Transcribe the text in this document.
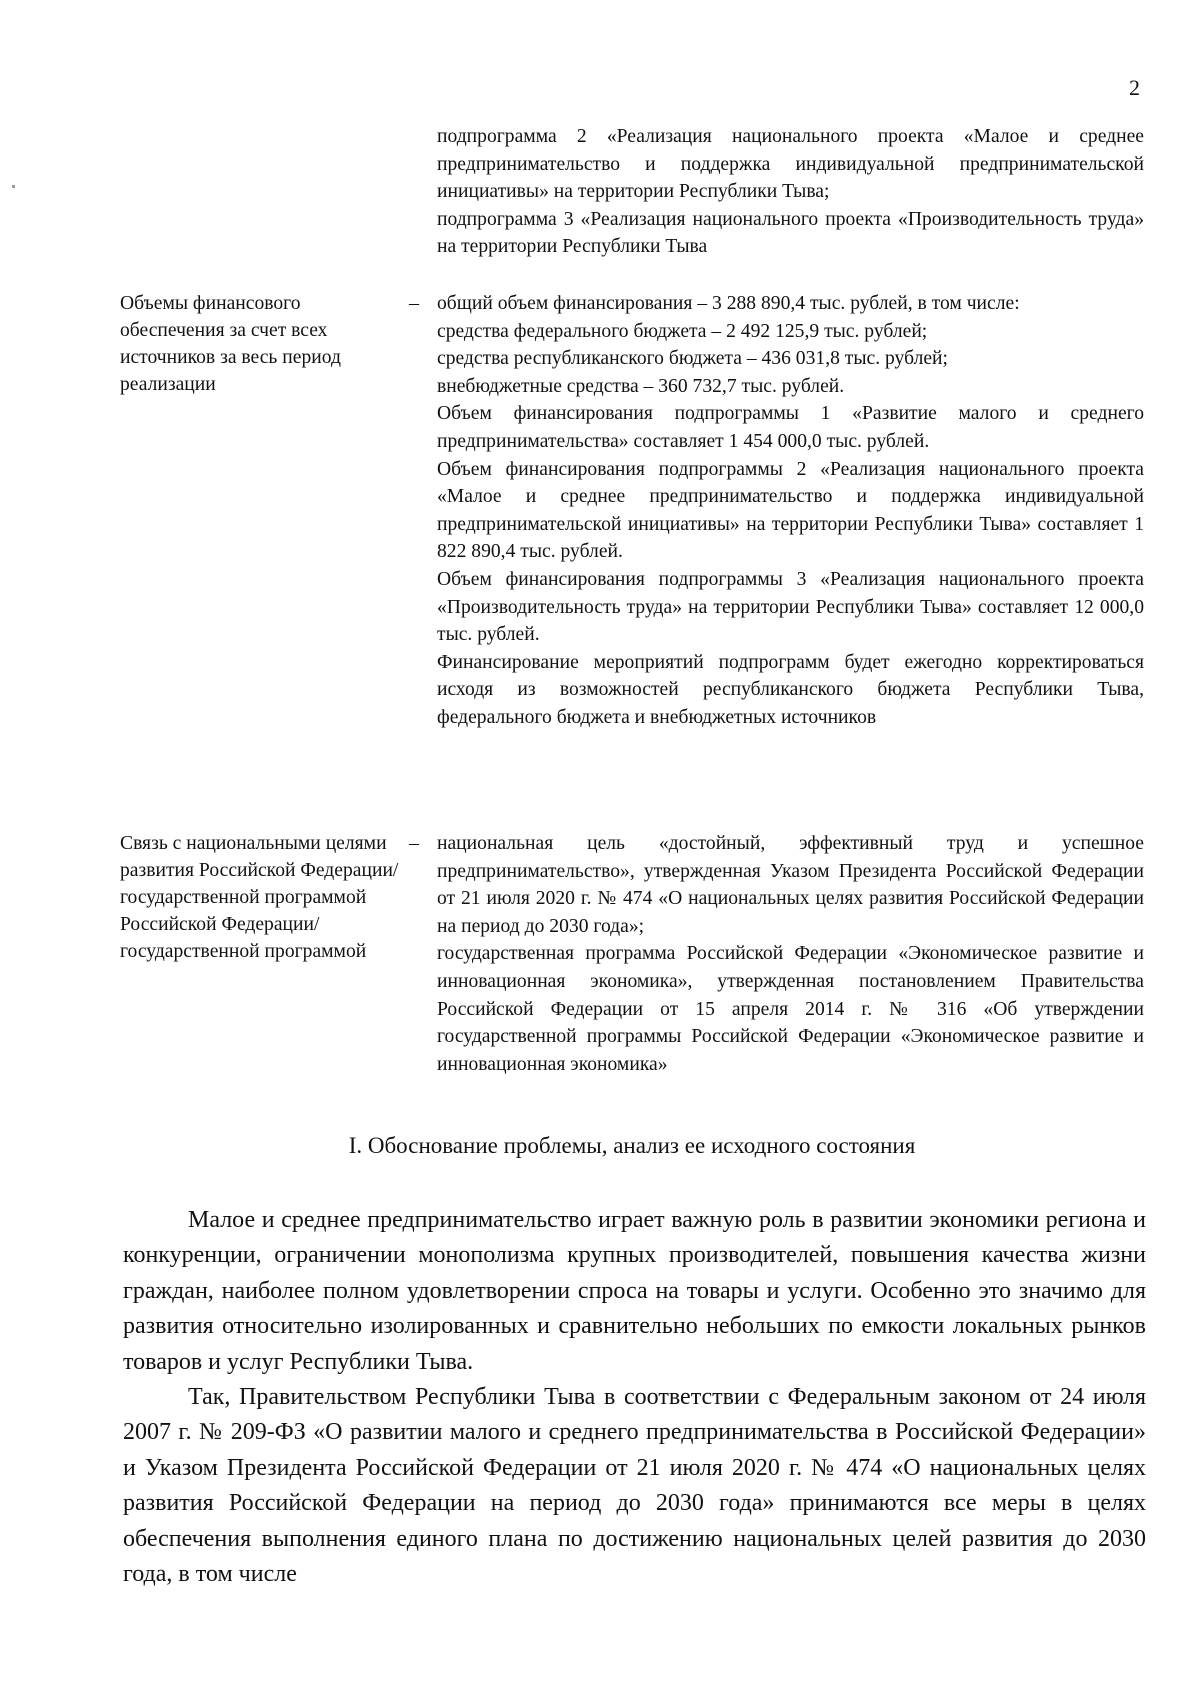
2

подпрограмма 2 «Реализация национального проекта «Малое и среднее предпринимательство и поддержка индивидуальной предпринимательской инициативы» на территории Республики Тыва;

подпрограмма 3 «Реализация национального проекта «Производительность труда» на территории Республики Тыва

Объемы финансового обеспечения за счет всех источников за весь период реализации
– общий объем финансирования – 3 288 890,4 тыс. рублей, в том числе:

средства федерального бюджета – 2 492 125,9 тыс. рублей;

средства республиканского бюджета – 436 031,8 тыс. рублей;

внебюджетные средства – 360 732,7 тыс. рублей.

Объем финансирования подпрограммы 1 «Развитие малого и среднего предпринимательства» составляет 1 454 000,0 тыс. рублей.

Объем финансирования подпрограммы 2 «Реализация национального проекта «Малое и среднее предпринимательство и поддержка индивидуальной предпринимательской инициативы» на территории Республики Тыва» составляет 1 822 890,4 тыс. рублей.

Объем финансирования подпрограммы 3 «Реализация национального проекта «Производительность труда» на территории Республики Тыва» составляет 12 000,0 тыс. рублей.

Финансирование мероприятий подпрограмм будет ежегодно корректироваться исходя из возможностей республиканского бюджета Республики Тыва, федерального бюджета и внебюджетных источников

Связь с национальными целями развития Российской Федерации/ государственной программой Российской Федерации/ государственной программой
– национальная цель «достойный, эффективный труд и успешное предпринимательство», утвержденная Указом Президента Российской Федерации от 21 июля 2020 г. № 474 «О национальных целях развития Российской Федерации на период до 2030 года»;

государственная программа Российской Федерации «Экономическое развитие и инновационная экономика», утвержденная постановлением Правительства Российской Федерации от 15 апреля 2014 г. № 316 «Об утверждении государственной программы Российской Федерации «Экономическое развитие и инновационная экономика»

I. Обоснование проблемы, анализ ее исходного состояния

Малое и среднее предпринимательство играет важную роль в развитии экономики региона и конкуренции, ограничении монополизма крупных производителей, повышения качества жизни граждан, наиболее полном удовлетворении спроса на товары и услуги. Особенно это значимо для развития относительно изолированных и сравнительно небольших по емкости локальных рынков товаров и услуг Республики Тыва.

Так, Правительством Республики Тыва в соответствии с Федеральным законом от 24 июля 2007 г. № 209-ФЗ «О развитии малого и среднего предпринимательства в Российской Федерации» и Указом Президента Российской Федерации от 21 июля 2020 г. № 474 «О национальных целях развития Российской Федерации на период до 2030 года» принимаются все меры в целях обеспечения выполнения единого плана по достижению национальных целей развития до 2030 года, в том числе
